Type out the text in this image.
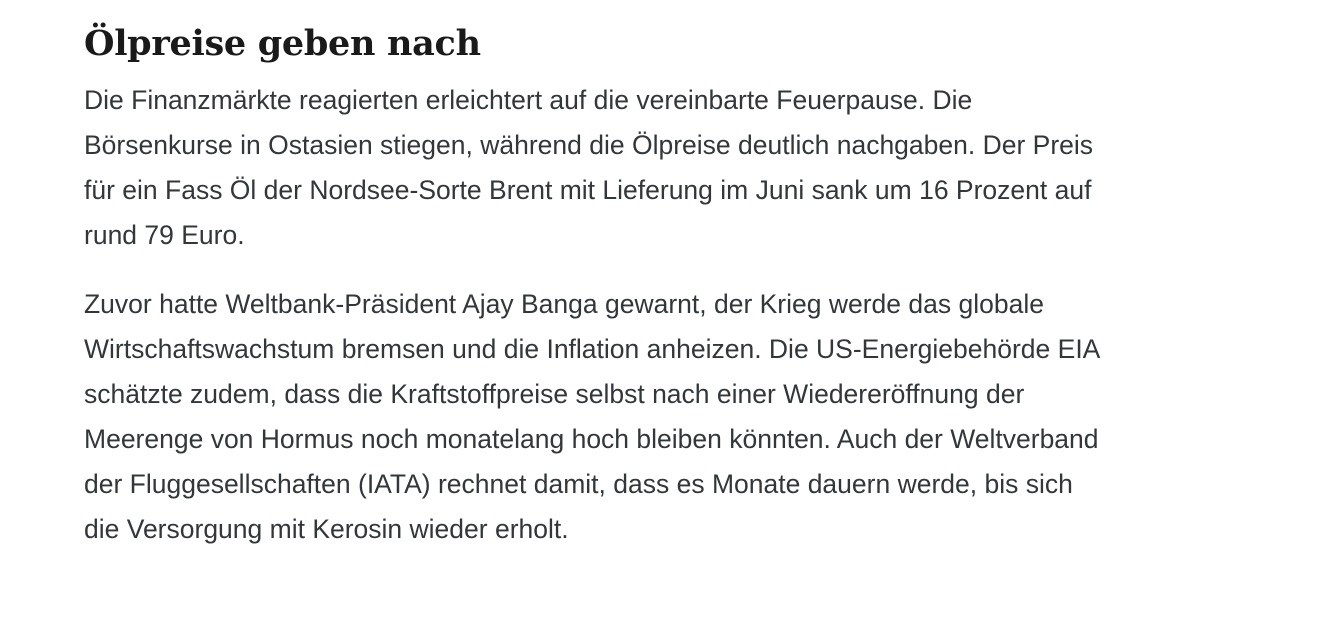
Ölpreise geben nach

Die Finanzmärkte reagierten erleichtert auf die vereinbarte Feuerpause. Die Börsenkurse in Ostasien stiegen, während die Ölpreise deutlich nachgaben. Der Preis für ein Fass Öl der Nordsee-Sorte Brent mit Lieferung im Juni sank um 16 Prozent auf rund 79 Euro.

Zuvor hatte Weltbank-Präsident Ajay Banga gewarnt, der Krieg werde das globale Wirtschaftswachstum bremsen und die Inflation anheizen. Die US-Energiebehörde EIA schätzte zudem, dass die Kraftstoffpreise selbst nach einer Wiedereröffnung der Meerenge von Hormus noch monatelang hoch bleiben könnten. Auch der Weltverband der Fluggesellschaften (IATA) rechnet damit, dass es Monate dauern werde, bis sich die Versorgung mit Kerosin wieder erholt.
